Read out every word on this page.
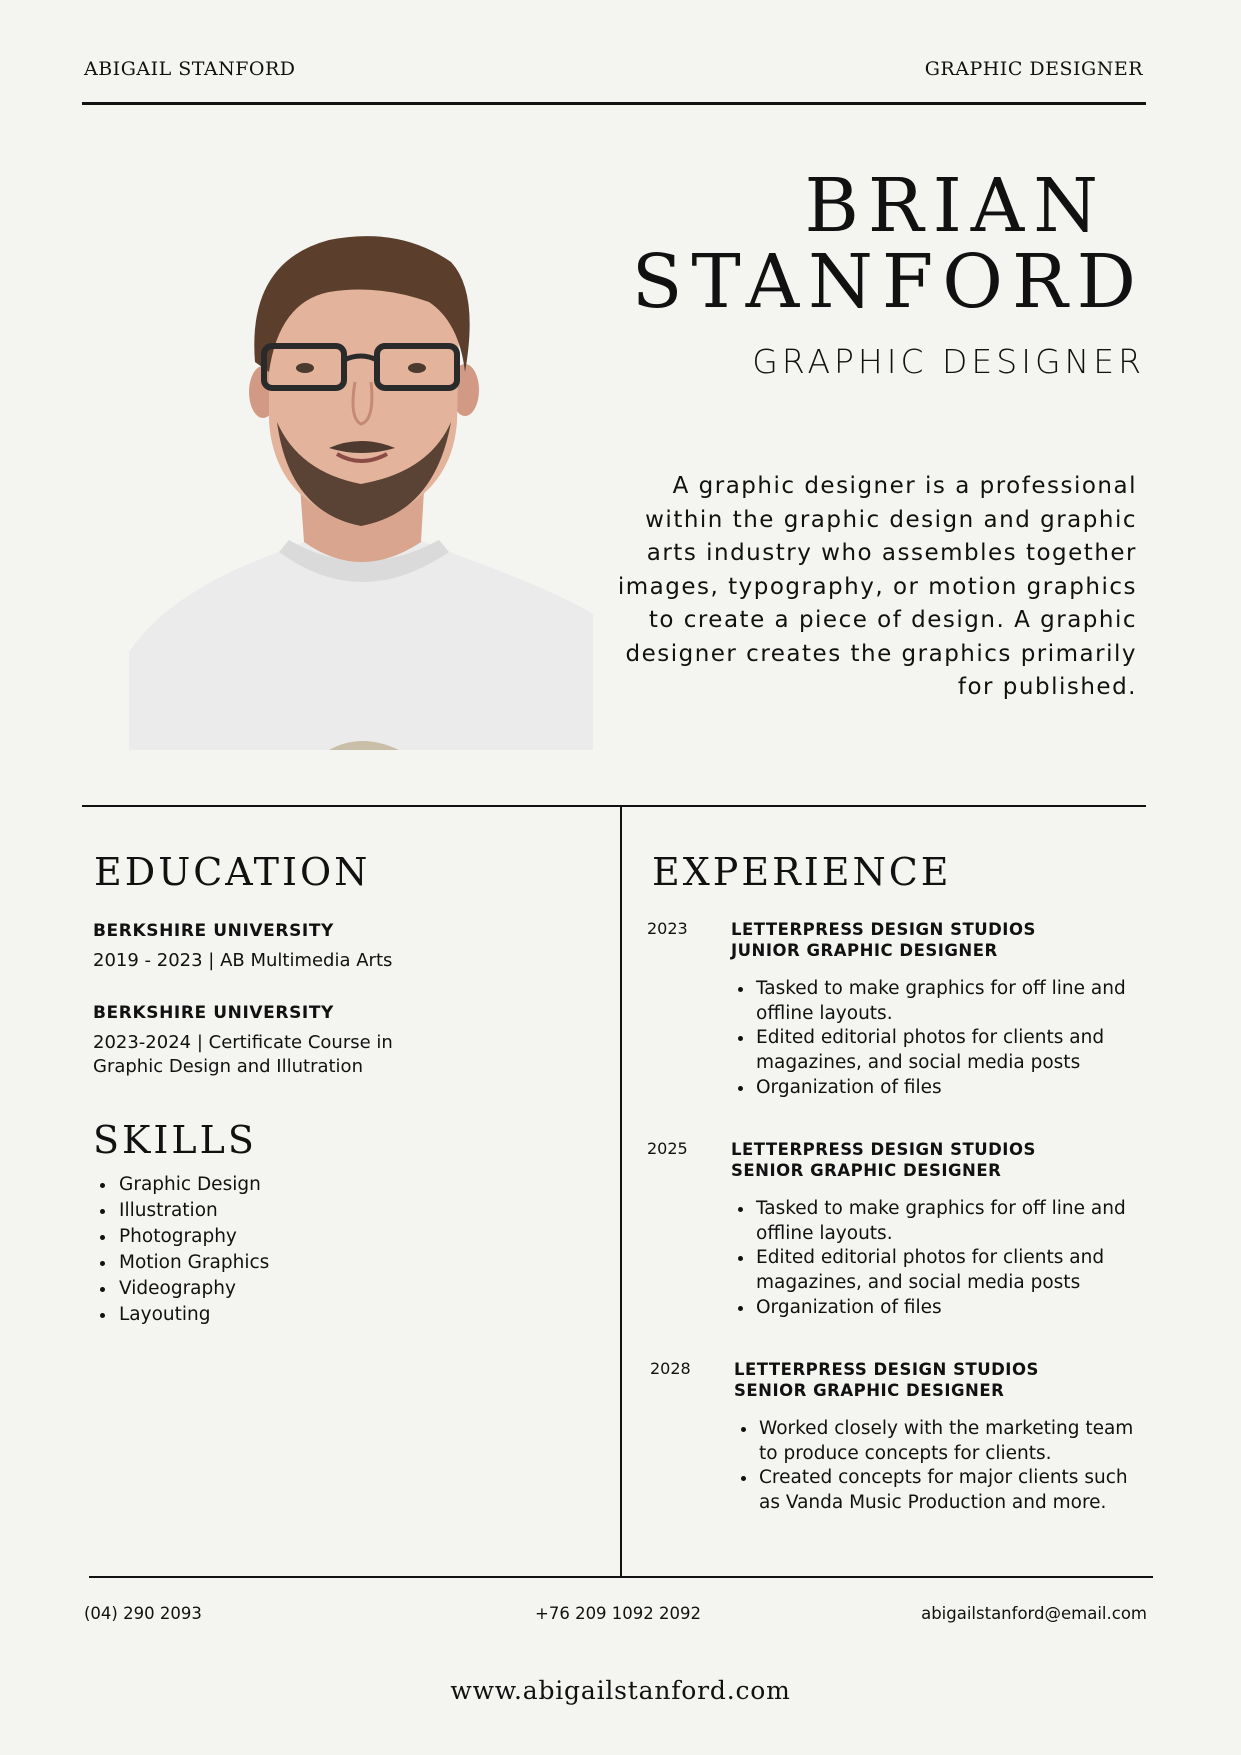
ABIGAIL STANFORD	GRAPHIC DESIGNER
BRIAN
STANFORD
GRAPHIC DESIGNER
A graphic designer is a professional within the graphic design and graphic arts industry who assembles together images, typography, or motion graphics to create a piece of design. A graphic designer creates the graphics primarily for published.
EDUCATION
BERKSHIRE UNIVERSITY
2019 - 2023 | AB Multimedia Arts
BERKSHIRE UNIVERSITY
2023-2024 | Certificate Course in Graphic Design and Illutration
SKILLS
• Graphic Design
• Illustration
• Photography
• Motion Graphics
• Videography
• Layouting
EXPERIENCE
2023	LETTERPRESS DESIGN STUDIOS
JUNIOR GRAPHIC DESIGNER
• Tasked to make graphics for off line and offline layouts.
• Edited editorial photos for clients and magazines, and social media posts
• Organization of files
2025	LETTERPRESS DESIGN STUDIOS
SENIOR GRAPHIC DESIGNER
• Tasked to make graphics for off line and offline layouts.
• Edited editorial photos for clients and magazines, and social media posts
• Organization of files
2028	LETTERPRESS DESIGN STUDIOS
SENIOR GRAPHIC DESIGNER
• Worked closely with the marketing team to produce concepts for clients.
• Created concepts for major clients such as Vanda Music Production and more.
(04) 290 2093	+76 209 1092 2092	abigailstanford@email.com
www.abigailstanford.com
